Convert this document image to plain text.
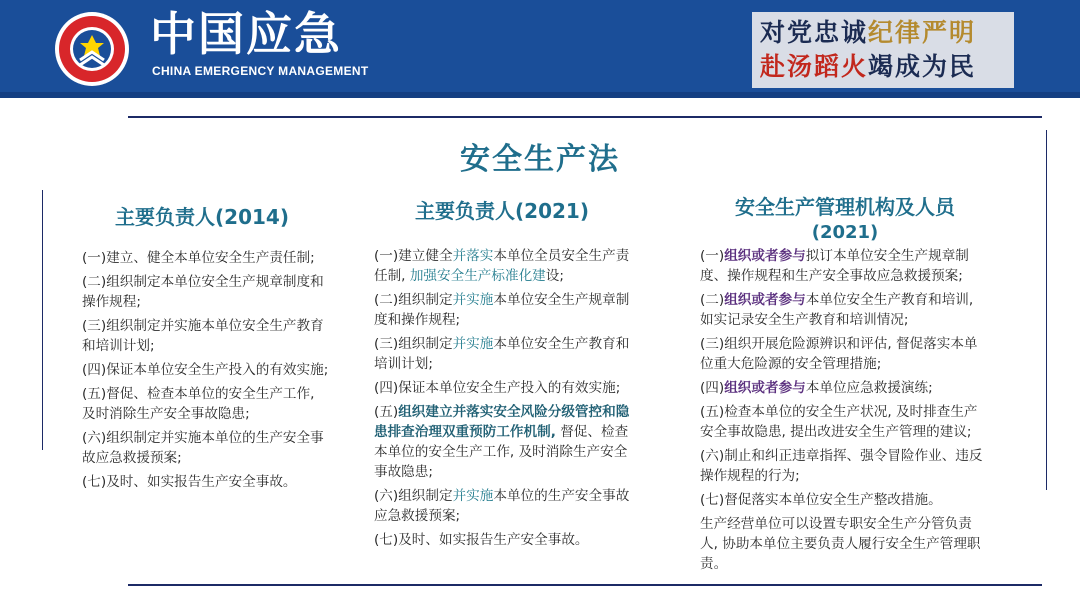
中国应急
CHINA EMERGENCY MANAGEMENT
对党忠诚纪律严明
赴汤蹈火竭成为民
安全生产法
主要负责人(2014)

(一)建立、健全本单位安全生产责任制;

(二)组织制定本单位安全生产规章制度和操作规程;

(三)组织制定并实施本单位安全生产教育和培训计划;

(四)保证本单位安全生产投入的有效实施;

(五)督促、检查本单位的安全生产工作, 及时消除生产安全事故隐患;

(六)组织制定并实施本单位的生产安全事故应急救援预案;

(七)及时、如实报告生产安全事故。

主要负责人(2021)

(一)建立健全并落实本单位全员安全生产责任制, 加强安全生产标准化建设;

(二)组织制定并实施本单位安全生产规章制度和操作规程;

(三)组织制定并实施本单位安全生产教育和培训计划;

(四)保证本单位安全生产投入的有效实施;

(五)组织建立并落实安全风险分级管控和隐患排查治理双重预防工作机制, 督促、检查本单位的安全生产工作, 及时消除生产安全事故隐患;

(六)组织制定并实施本单位的生产安全事故应急救援预案;

(七)及时、如实报告生产安全事故。

安全生产管理机构及人员
(2021)

(一)组织或者参与拟订本单位安全生产规章制度、操作规程和生产安全事故应急救援预案;

(二)组织或者参与本单位安全生产教育和培训, 如实记录安全生产教育和培训情况;

(三)组织开展危险源辨识和评估, 督促落实本单位重大危险源的安全管理措施;

(四)组织或者参与本单位应急救援演练;

(五)检查本单位的安全生产状况, 及时排查生产安全事故隐患, 提出改进安全生产管理的建议;

(六)制止和纠正违章指挥、强令冒险作业、违反操作规程的行为;

(七)督促落实本单位安全生产整改措施。

生产经营单位可以设置专职安全生产分管负责人, 协助本单位主要负责人履行安全生产管理职责。
